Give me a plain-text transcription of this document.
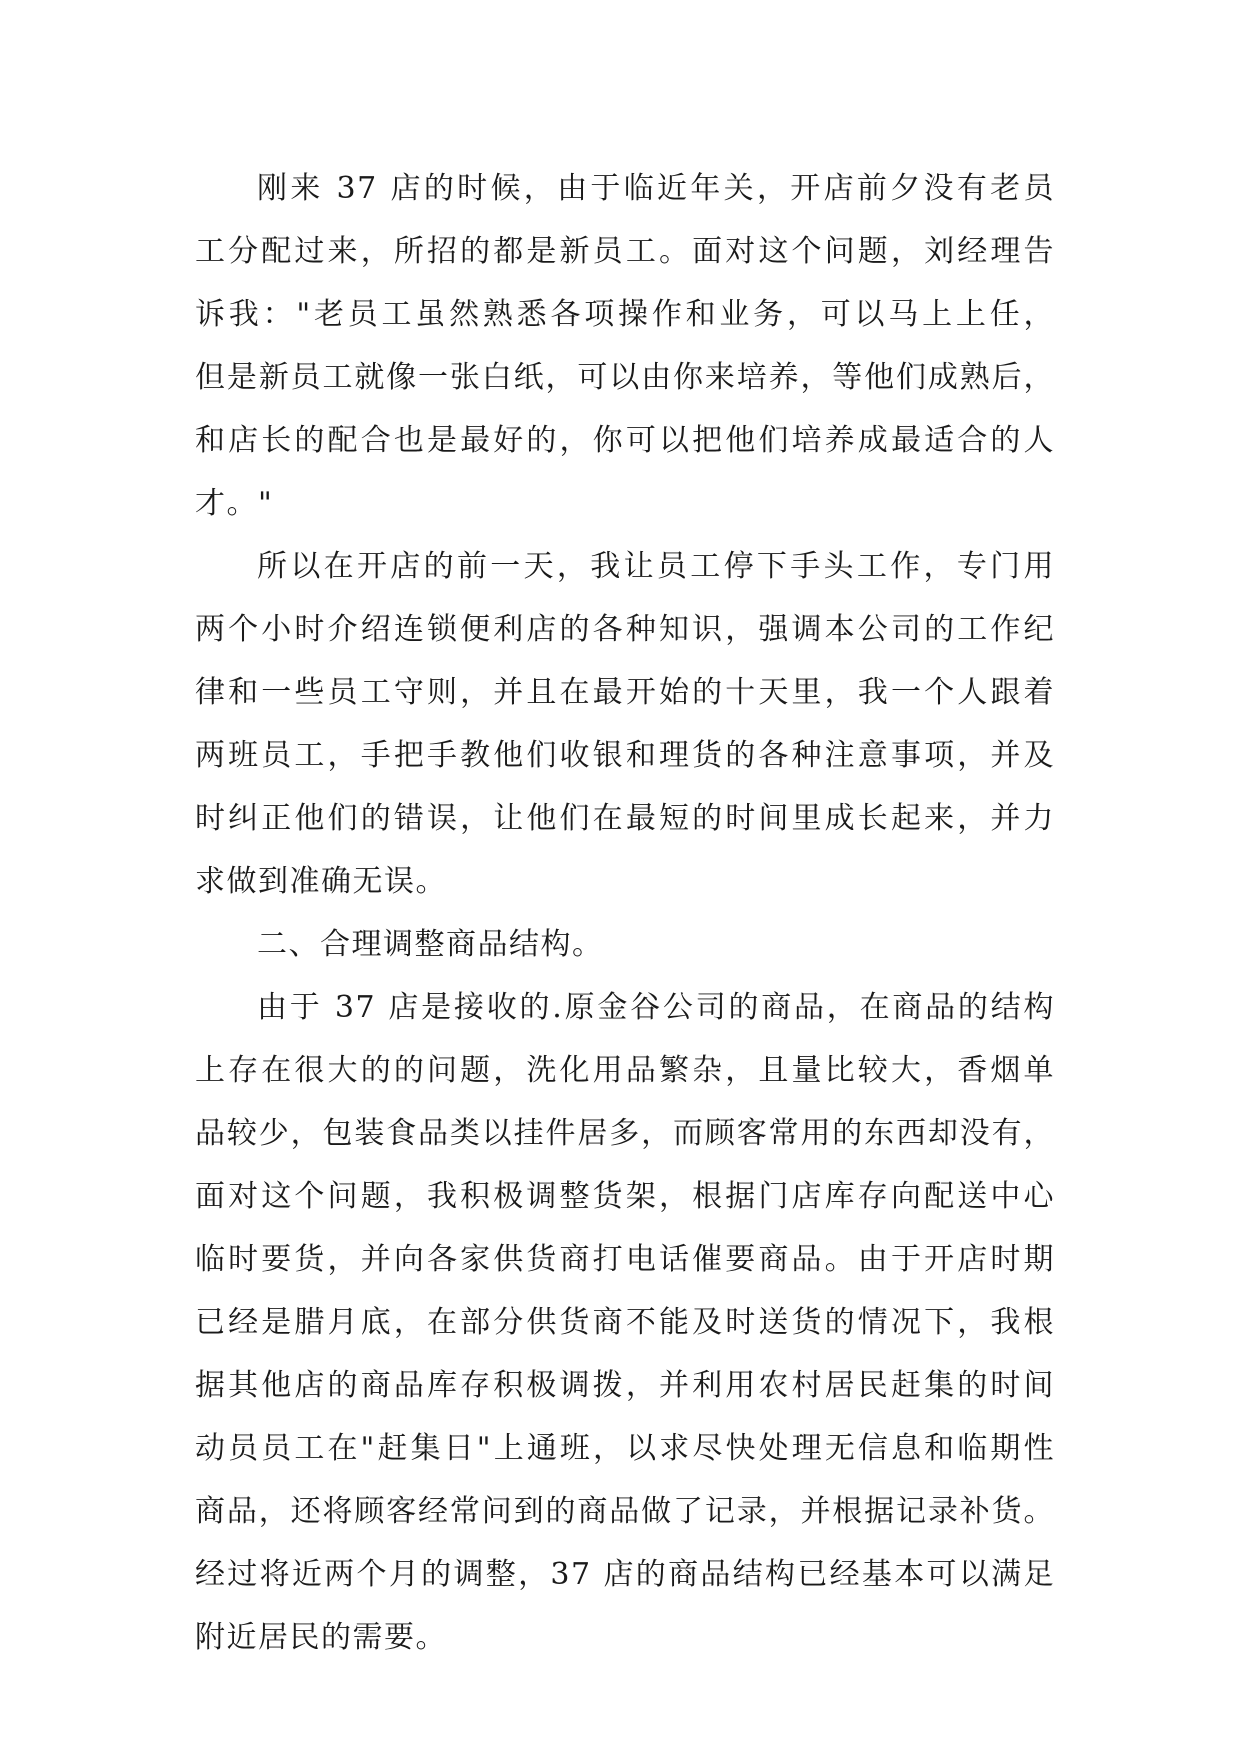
刚来 37 店的时候，由于临近年关，开店前夕没有老员
工分配过来，所招的都是新员工。面对这个问题，刘经理告
诉我："老员工虽然熟悉各项操作和业务，可以马上上任，
但是新员工就像一张白纸，可以由你来培养，等他们成熟后，
和店长的配合也是最好的，你可以把他们培养成最适合的人
才。"

所以在开店的前一天，我让员工停下手头工作，专门用
两个小时介绍连锁便利店的各种知识，强调本公司的工作纪
律和一些员工守则，并且在最开始的十天里，我一个人跟着
两班员工，手把手教他们收银和理货的各种注意事项，并及
时纠正他们的错误，让他们在最短的时间里成长起来，并力
求做到准确无误。

二、合理调整商品结构。

由于 37 店是接收的.原金谷公司的商品，在商品的结构
上存在很大的的问题，洗化用品繁杂，且量比较大，香烟单
品较少，包装食品类以挂件居多，而顾客常用的东西却没有，
面对这个问题，我积极调整货架，根据门店库存向配送中心
临时要货，并向各家供货商打电话催要商品。由于开店时期
已经是腊月底，在部分供货商不能及时送货的情况下，我根
据其他店的商品库存积极调拨，并利用农村居民赶集的时间
动员员工在"赶集日"上通班，以求尽快处理无信息和临期性
商品，还将顾客经常问到的商品做了记录，并根据记录补货。
经过将近两个月的调整，37 店的商品结构已经基本可以满足
附近居民的需要。
